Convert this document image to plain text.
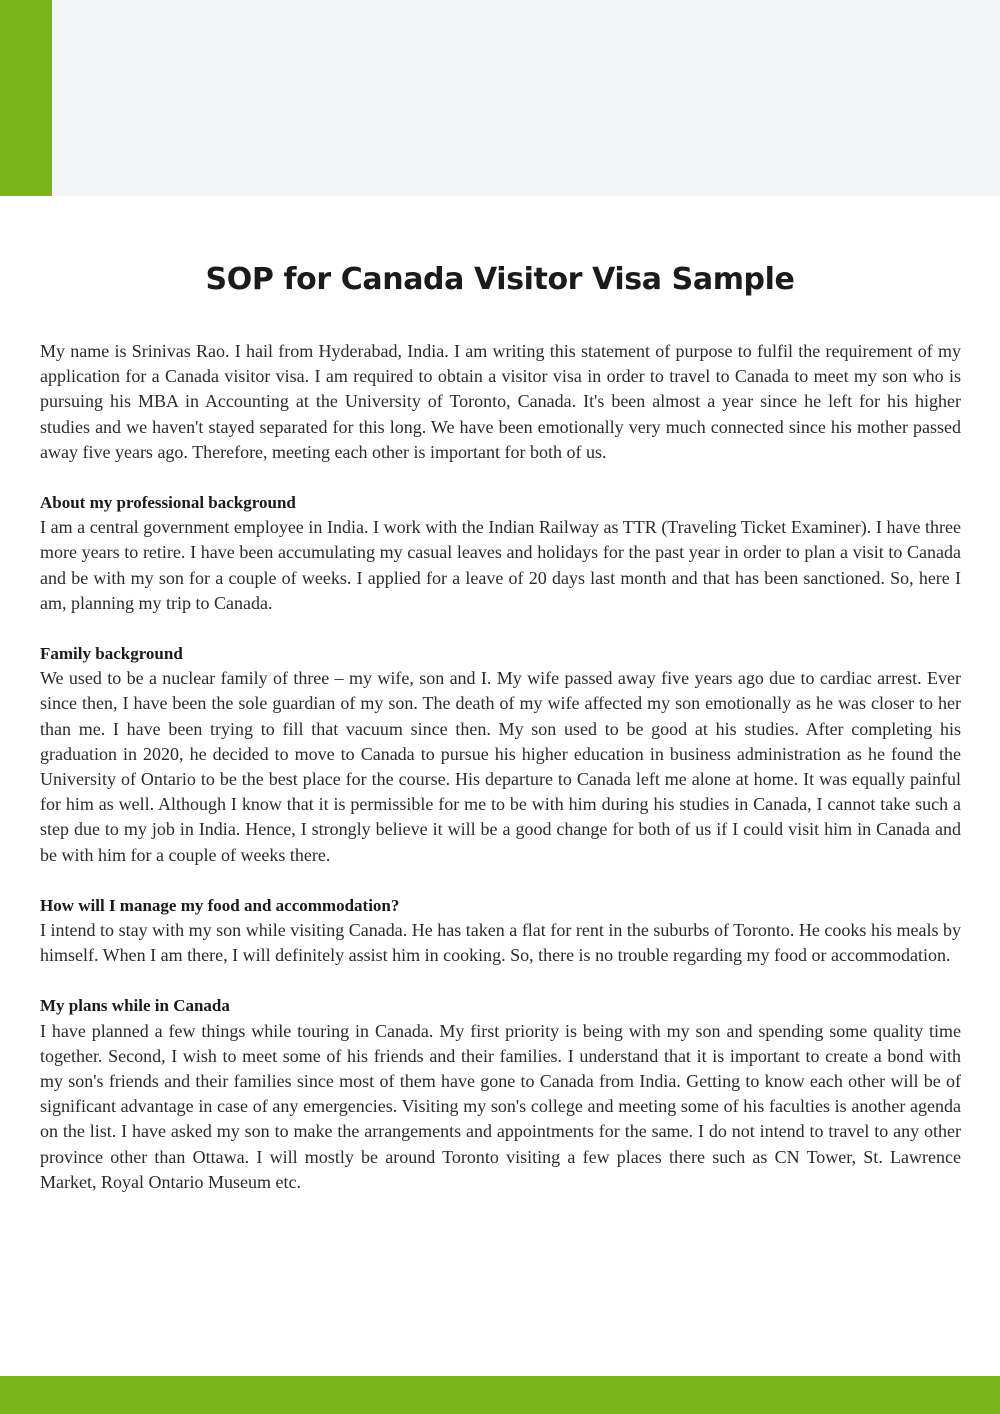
SOP for Canada Visitor Visa Sample

My name is Srinivas Rao. I hail from Hyderabad, India. I am writing this statement of purpose to fulfil the requirement of my application for a Canada visitor visa. I am required to obtain a visitor visa in order to travel to Canada to meet my son who is pursuing his MBA in Accounting at the University of Toronto, Canada. It's been almost a year since he left for his higher studies and we haven't stayed separated for this long. We have been emotionally very much connected since his mother passed away five years ago. Therefore, meeting each other is important for both of us.

About my professional background

I am a central government employee in India. I work with the Indian Railway as TTR (Traveling Ticket Examiner). I have three more years to retire. I have been accumulating my casual leaves and holidays for the past year in order to plan a visit to Canada and be with my son for a couple of weeks. I applied for a leave of 20 days last month and that has been sanctioned. So, here I am, planning my trip to Canada.

Family background

We used to be a nuclear family of three – my wife, son and I. My wife passed away five years ago due to cardiac arrest. Ever since then, I have been the sole guardian of my son. The death of my wife affected my son emotionally as he was closer to her than me. I have been trying to fill that vacuum since then. My son used to be good at his studies. After completing his graduation in 2020, he decided to move to Canada to pursue his higher education in business administration as he found the University of Ontario to be the best place for the course. His departure to Canada left me alone at home. It was equally painful for him as well. Although I know that it is permissible for me to be with him during his studies in Canada, I cannot take such a step due to my job in India. Hence, I strongly believe it will be a good change for both of us if I could visit him in Canada and be with him for a couple of weeks there.

How will I manage my food and accommodation?

I intend to stay with my son while visiting Canada. He has taken a flat for rent in the suburbs of Toronto. He cooks his meals by himself. When I am there, I will definitely assist him in cooking. So, there is no trouble regarding my food or accommodation.

My plans while in Canada

I have planned a few things while touring in Canada. My first priority is being with my son and spending some quality time together. Second, I wish to meet some of his friends and their families. I understand that it is important to create a bond with my son's friends and their families since most of them have gone to Canada from India. Getting to know each other will be of significant advantage in case of any emergencies. Visiting my son's college and meeting some of his faculties is another agenda on the list. I have asked my son to make the arrangements and appointments for the same. I do not intend to travel to any other province other than Ottawa. I will mostly be around Toronto visiting a few places there such as CN Tower, St. Lawrence Market, Royal Ontario Museum etc.
